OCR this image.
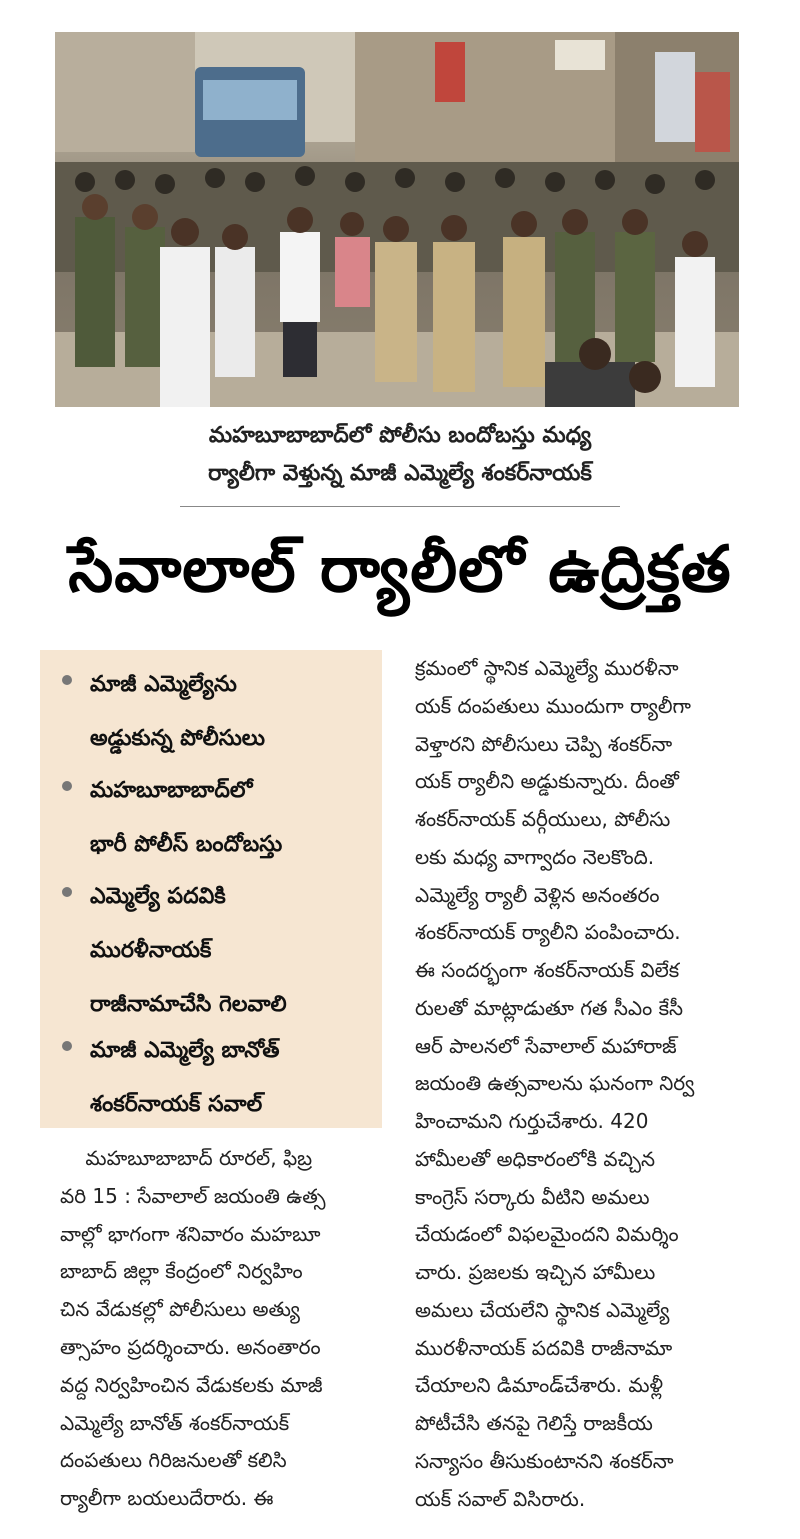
మహబూబాబాద్‌లో పోలీసు బందోబస్తు మధ్య
ర్యాలీగా వెళ్తున్న మాజీ ఎమ్మెల్యే శంకర్‌నాయక్
సేవాలాల్‌ ర్యాలీలో ఉద్రిక్తత
మాజీ ఎమ్మెల్యేను
అడ్డుకున్న పోలీసులు
మహబూబాబాద్‌లో
భారీ పోలీస్‌ బందోబస్తు
ఎమ్మెల్యే పదవికి
మురళీనాయక్‌
రాజీనామాచేసి గెలవాలి
మాజీ ఎమ్మెల్యే బానోత్‌
శంకర్‌నాయక్‌ సవాల్‌
మహబూబాబాద్‌ రూరల్‌, ఫిబ్ర
వరి 15 : సేవాలాల్‌ జయంతి ఉత్స
వాల్లో భాగంగా శనివారం మహబూ
బాబాద్‌ జిల్లా కేంద్రంలో నిర్వహిం
చిన వేడుకల్లో పోలీసులు అత్యు
త్సాహం ప్రదర్శించారు. అనంతారం
వద్ద నిర్వహించిన వేడుకలకు మాజీ
ఎమ్మెల్యే బానోత్‌ శంకర్‌నాయక్‌
దంపతులు గిరిజనులతో కలిసి
ర్యాలీగా బయలుదేరారు. ఈ
క్రమంలో స్థానిక ఎమ్మెల్యే మురళీనా
యక్‌ దంపతులు ముందుగా ర్యాలీగా
వెళ్తారని పోలీసులు చెప్పి శంకర్‌నా
యక్‌ ర్యాలీని అడ్డుకున్నారు. దీంతో
శంకర్‌నాయక్‌ వర్గీయులు, పోలీసు
లకు మధ్య వాగ్వాదం నెలకొంది.
ఎమ్మెల్యే ర్యాలీ వెళ్లిన అనంతరం
శంకర్‌నాయక్‌ ర్యాలీని పంపించారు.
ఈ సందర్భంగా శంకర్‌నాయక్‌ విలేక
రులతో మాట్లాడుతూ గత సీఎం కేసీ
ఆర్‌ పాలనలో సేవాలాల్‌ మహారాజ్‌
జయంతి ఉత్సవాలను ఘనంగా నిర్వ
హించామని గుర్తుచేశారు. 420
హామీలతో అధికారంలోకి వచ్చిన
కాంగ్రెస్‌ సర్కారు వీటిని అమలు
చేయడంలో విఫలమైందని విమర్శిం
చారు. ప్రజలకు ఇచ్చిన హామీలు
అమలు చేయలేని స్థానిక ఎమ్మెల్యే
మురళీనాయక్‌ పదవికి రాజీనామా
చేయాలని డిమాండ్‌చేశారు. మళ్లీ
పోటీచేసి తనపై గెలిస్తే రాజకీయ
సన్యాసం తీసుకుంటానని శంకర్‌నా
యక్‌ సవాల్‌ విసిరారు.
